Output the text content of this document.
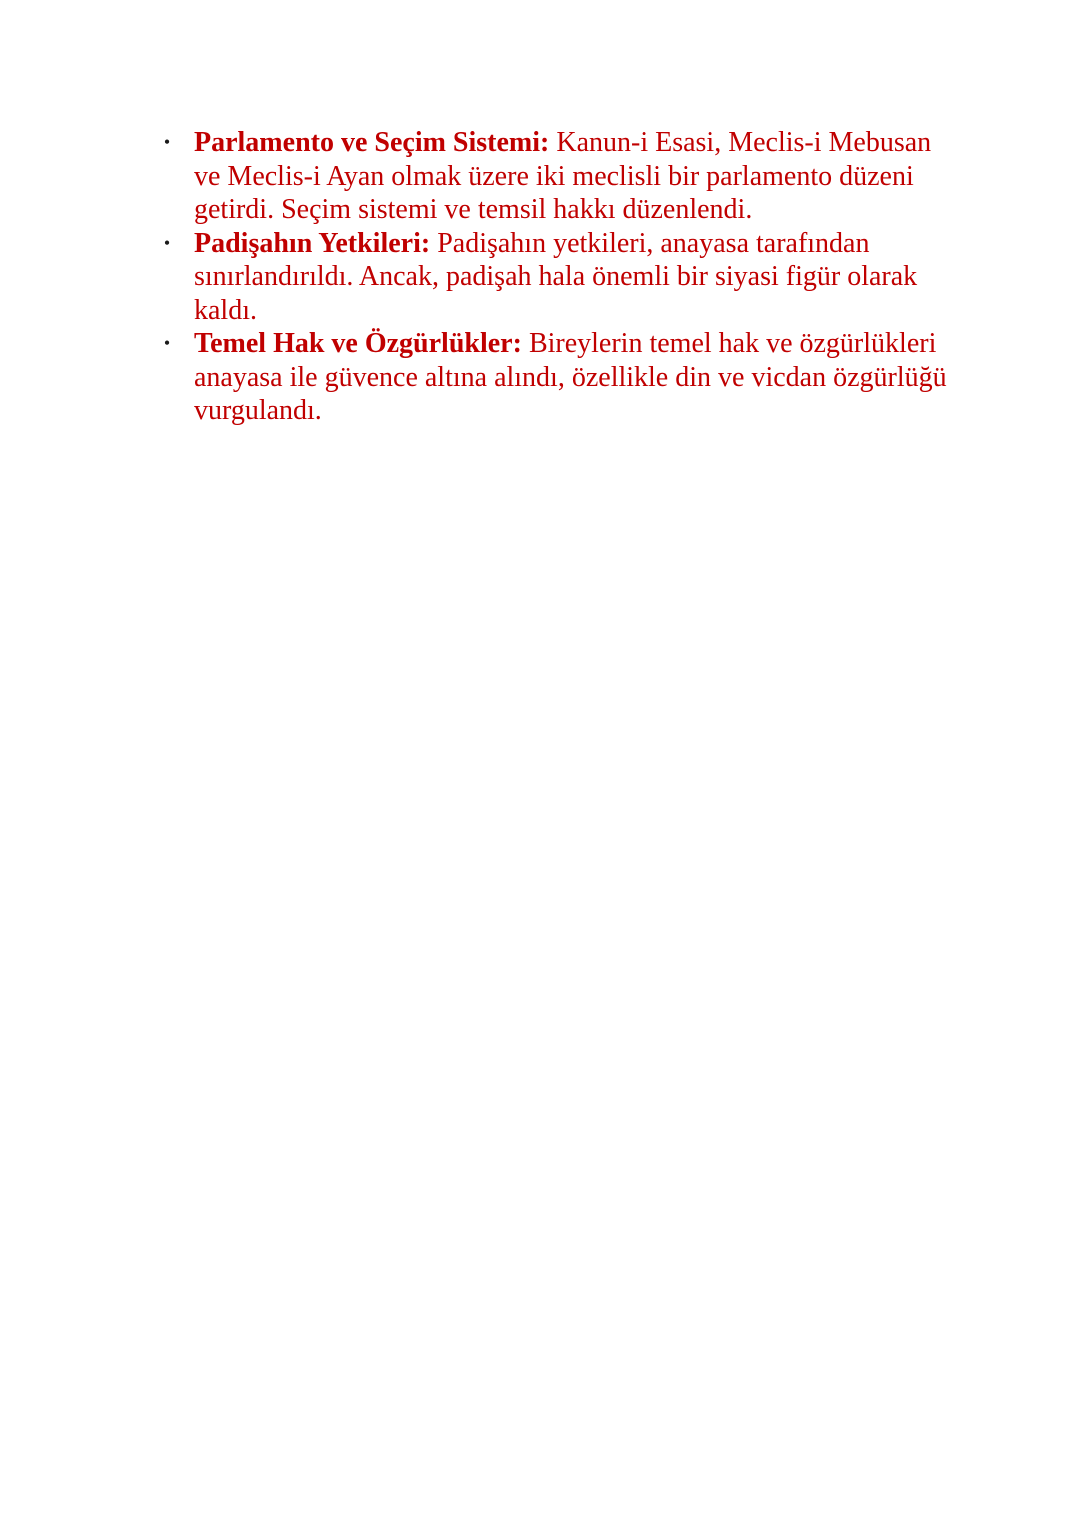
• Parlamento ve Seçim Sistemi: Kanun-i Esasi, Meclis-i Mebusan ve Meclis-i Ayan olmak üzere iki meclisli bir parlamento düzeni getirdi. Seçim sistemi ve temsil hakkı düzenlendi.
• Padişahın Yetkileri: Padişahın yetkileri, anayasa tarafından sınırlandırıldı. Ancak, padişah hala önemli bir siyasi figür olarak kaldı.
• Temel Hak ve Özgürlükler: Bireylerin temel hak ve özgürlükleri anayasa ile güvence altına alındı, özellikle din ve vicdan özgürlüğü vurgulandı.
